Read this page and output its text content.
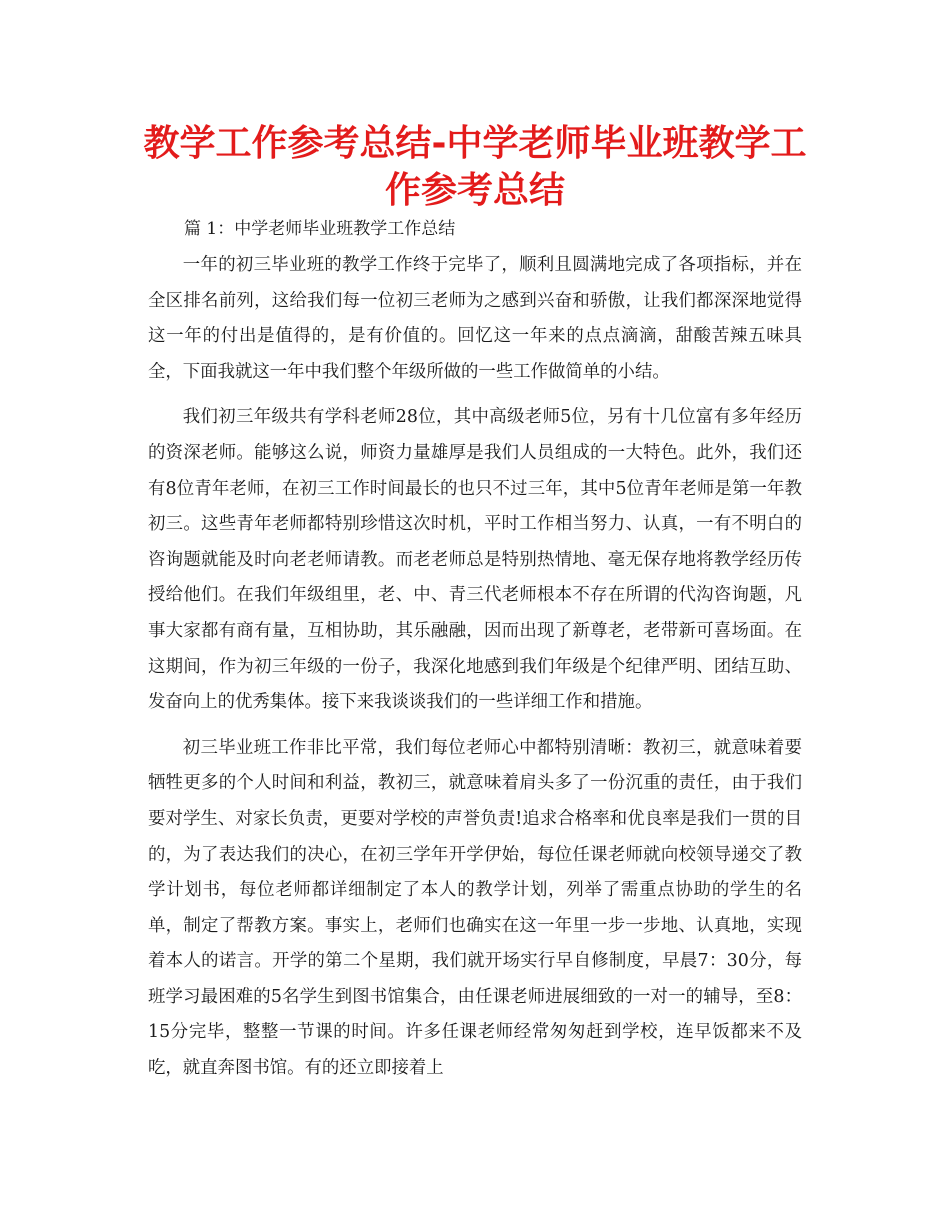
教学工作参考总结-中学老师毕业班教学工作参考总结

篇 1：中学老师毕业班教学工作总结

一年的初三毕业班的教学工作终于完毕了，顺利且圆满地完成了各项指标，并在全区排名前列，这给我们每一位初三老师为之感到兴奋和骄傲，让我们都深深地觉得这一年的付出是值得的，是有价值的。回忆这一年来的点点滴滴，甜酸苦辣五味具全，下面我就这一年中我们整个年级所做的一些工作做简单的小结。

我们初三年级共有学科老师28位，其中高级老师5位，另有十几位富有多年经历的资深老师。能够这么说，师资力量雄厚是我们人员组成的一大特色。此外，我们还有8位青年老师，在初三工作时间最长的也只不过三年，其中5位青年老师是第一年教初三。这些青年老师都特别珍惜这次时机，平时工作相当努力、认真，一有不明白的咨询题就能及时向老老师请教。而老老师总是特别热情地、毫无保存地将教学经历传授给他们。在我们年级组里，老、中、青三代老师根本不存在所谓的代沟咨询题，凡事大家都有商有量，互相协助，其乐融融，因而出现了新尊老，老带新可喜场面。在这期间，作为初三年级的一份子，我深化地感到我们年级是个纪律严明、团结互助、发奋向上的优秀集体。接下来我谈谈我们的一些详细工作和措施。

初三毕业班工作非比平常，我们每位老师心中都特别清晰：教初三，就意味着要牺牲更多的个人时间和利益，教初三，就意味着肩头多了一份沉重的责任，由于我们要对学生、对家长负责，更要对学校的声誉负责!追求合格率和优良率是我们一贯的目的，为了表达我们的决心，在初三学年开学伊始，每位任课老师就向校领导递交了教学计划书，每位老师都详细制定了本人的教学计划，列举了需重点协助的学生的名单，制定了帮教方案。事实上，老师们也确实在这一年里一步一步地、认真地，实现着本人的诺言。开学的第二个星期，我们就开场实行早自修制度，早晨7：30分，每班学习最困难的5名学生到图书馆集合，由任课老师进展细致的一对一的辅导，至8：15分完毕，整整一节课的时间。许多任课老师经常匆匆赶到学校，连早饭都来不及吃，就直奔图书馆。有的还立即接着上
